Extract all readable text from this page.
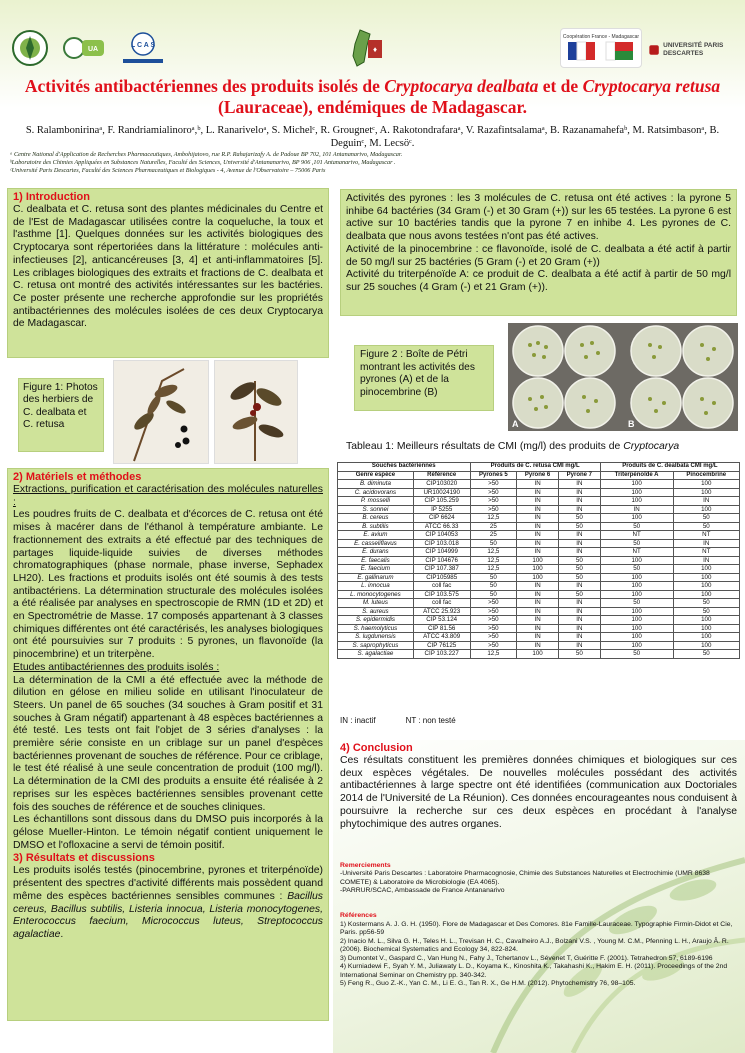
UA
L C A S	♦
Coopération France - Madagascar
UNIVERSITÉ PARIS DESCARTES
Activités antibactériennes des produits isolés de Cryptocarya dealbata et de Cryptocarya retusa (Lauraceae), endémiques de Madagascar.
S. Ralambonirinaᵃ, F. Randriamialinoroᵃ,ᵇ, L. Ranariveloᵃ, S. Michelᶜ, R. Grougnetᶜ, A. Rakotondrafaraᵃ, V. Razafintsalamaᵃ, B. Razanamahefaᵇ, M. Ratsimbasonᵃ, B. Deguinᶜ, M. Lecsöᶜ.
ᵃ Centre National d'Application de Recherches Pharmaceutiques, Ambohijatovo, rue R.P. Rahajarizafy A. de Padoue BP 702, 101 Antananarivo, Madagascar.
ᵇLaboratoire des Chimies Appliquées en Substances Naturelles, Faculté des Sciences, Université d'Antananarivo, BP 906 ,101 Antananarivo, Madagascar .
ᶜUniversité Paris Descartes, Faculté des Sciences Pharmaceutiques et Biologiques - 4, Avenue de l'Observatoire – 75006 Paris
1) Introduction
C. dealbata et C. retusa sont des plantes médicinales du Centre et de l'Est de Madagascar utilisées contre la coqueluche, la toux et l'asthme [1]. Quelques données sur les activités biologiques des Cryptocarya sont répertoriées dans la littérature : molécules anti-infectieuses [2], anticancéreuses [3, 4] et anti-inflammatoires [5]. Les criblages biologiques des extraits et fractions de C. dealbata et C. retusa ont montré des activités intéressantes sur les bactéries. Ce poster présente une recherche approfondie sur les propriétés antibactériennes des molécules isolées de ces deux Cryptocarya de Madagascar.
Figure 1: Photos des herbiers de C. dealbata et C. retusa
2) Matériels et méthodes
Extractions, purification et caractérisation des molécules naturelles :
Les poudres fruits de C. dealbata et d'écorces de C. retusa ont été mises à macérer dans de l'éthanol à température ambiante. Le fractionnement des extraits a été effectué par des techniques de partages liquide-liquide suivies de diverses méthodes chromatographiques (phase normale, phase inverse, Sephadex LH20). Les fractions et produits isolés ont été soumis à des tests antibactériens. La détermination structurale des molécules isolées a été réalisée par analyses en spectroscopie de RMN (1D et 2D) et en Spectrométrie de Masse. 17 composés appartenant à 3 classes chimiques différentes ont été caractérisés, les analyses biologiques ont été poursuivies sur 7 produits : 5 pyrones, un flavonoïde (la pinocembrine) et un triterpène.
Etudes antibactériennes des produits isolés :
La détermination de la CMI a été effectuée avec la méthode de dilution en gélose en milieu solide en utilisant l'inoculateur de Steers. Un panel de 65 souches (34 souches à Gram positif et 31 souches à Gram négatif) appartenant à 48 espèces bactériennes a été testé. Les tests ont fait l'objet de 3 séries d'analyses : la première série consiste en un criblage sur un panel d'espèces bactériennes provenant de souches de référence. Pour ce criblage, le test été réalisé à une seule concentration de produit (100 mg/l). La détermination de la CMI des produits a ensuite été réalisée à 2 reprises sur les espèces bactériennes sensibles provenant cette fois des souches de référence et de souches cliniques.
Les échantillons sont dissous dans du DMSO puis incorporés à la gélose Mueller-Hinton. Le témoin négatif contient uniquement le DMSO et l'ofloxacine a servi de témoin positif.
3) Résultats et discussions
Les produits isolés testés (pinocembrine, pyrones et triterpénoïde) présentent des spectres d'activité différents mais possèdent quand même des espèces bactériennes sensibles communes : Bacillus cereus, Bacillus subtilis, Listeria innocua, Listeria monocytogenes, Enterococcus faecium, Micrococcus luteus, Streptococcus agalactiae.
Activités des pyrones : les 3 molécules de C. retusa ont été actives : la pyrone 5 inhibe 64 bactéries (34 Gram (-) et 30 Gram (+)) sur les 65 testées. La pyrone 6 est active sur 10 bactéries tandis que la pyrone 7 en inhibe 4. Les pyrones de C. dealbata que nous avons testées n'ont pas été actives.
Activité de la pinocembrine : ce flavonoïde, isolé de C. dealbata a été actif à partir de 50 mg/l sur 25 bactéries (5 Gram (-) et 20 Gram (+))
Activité du triterpénoïde A: ce produit de C. dealbata a été actif à partir de 50 mg/l sur 25 souches (4 Gram (-) et 21 Gram (+)).
Figure 2 : Boîte de Pétri montrant les activités des pyrones (A) et de la pinocembrine (B)
A	B
Tableau 1: Meilleurs résultats de CMI (mg/l) des produits de Cryptocarya
Souches bactériennes		Produits de C. retusa CMI mg/L			Produits de C. dealbata CMI mg/L	
Genre espèce	Référence	Pyrones 5	Pyrone 6	Pyrone 7	Triterpénoïde A	Pinocembrine
B. diminuta	CIP103020	>50	IN	IN	100	100
C. acidovorans	UR10024190	>50	IN	IN	100	100
P. mosselli	CIP 105.259	>50	IN	IN	100	IN
S. sonnei	IP 5255	>50	IN	IN	IN	100
B. cereus	CIP 6624	12,5	IN	50	100	50
B. subtilis	ATCC 66.33	25	IN	50	50	50
E. avium	CIP 104053	25	IN	IN	NT	NT
E. casseliflavus	CIP 103.018	50	IN	IN	50	IN
E. durans	CIP 104999	12,5	IN	IN	NT	NT
E. faecalis	CIP 104676	12,5	100	50	100	IN
E. faecium	CIP 107.387	12,5	100	50	50	100
E. gallinarum	CIP105985	50	100	50	100	100
L. innocua	coll fac	50	IN	IN	100	100
L. monocytogenes	CIP 103.575	50	IN	50	100	100
M. luteus	coll fac	>50	IN	IN	50	50
S. aureus	ATCC 25.923	>50	IN	IN	100	50
S. epidermidis	CIP 53.124	>50	IN	IN	100	100
S. haemolyticus	CIP 81.56	>50	IN	IN	100	100
S. lugdunensis	ATCC 43.809	>50	IN	IN	100	100
S. saprophyticus	CIP 76125	>50	IN	IN	100	100
S. agalactiae	CIP 103.227	12,5	100	50	50	50
IN : inactif	NT : non testé
4) Conclusion
Ces résultats constituent les premières données chimiques et biologiques sur ces deux espèces végétales. De nouvelles molécules possédant des activités antibactériennes à large spectre ont été identifiées (communication aux Doctoriales 2014 de l'Université de La Réunion). Ces données encourageantes nous conduisent à poursuivre la recherche sur ces deux espèces en procédant à l'analyse phytochimique des autres organes.
Remerciements
-Université Paris Descartes : Laboratoire Pharmacognosie, Chimie des Substances Naturelles et Electrochimie (UMR 8638 COMETE) & Laboratoire de Microbiologie (EA 4065).
-PARRUR/SCAC, Ambassade de France Antananarivo
Références
1) Kostermans A. J. G. H. (1950). Flore de Madagascar et Des Comores. 81e Famille-Lauraceae. Typographie Firmin-Didot et Cie, Paris. pp56-59
2) Inacio M. L., Silva G. H., Teles H. L., Trevisan H. C., Cavalheiro A.J., Bolzani V.S. , Young M. C.M., Pfenning L. H., Araujo Â. R. (2006). Biochemical Systematics and Ecology 34, 822-824.
3) Dumontet V., Gaspard C., Van Hung N., Fahy J., Tchertanov L., Sévenet T, Guéritte F. (2001). Tetrahedron 57, 6189-6196
4) Kurniadewi F., Syah Y. M., Juliawaty L. D., Koyama K., Kinoshita K., Takahashi K., Hakim E. H. (2011). Proceedings of the 2nd International Seminar on Chemistry pp. 340-342.
5) Feng R., Guo Z.-K., Yan C. M., Li E. G., Tan R. X., Ge H.M. (2012). Phytochemistry 76, 98–105.
